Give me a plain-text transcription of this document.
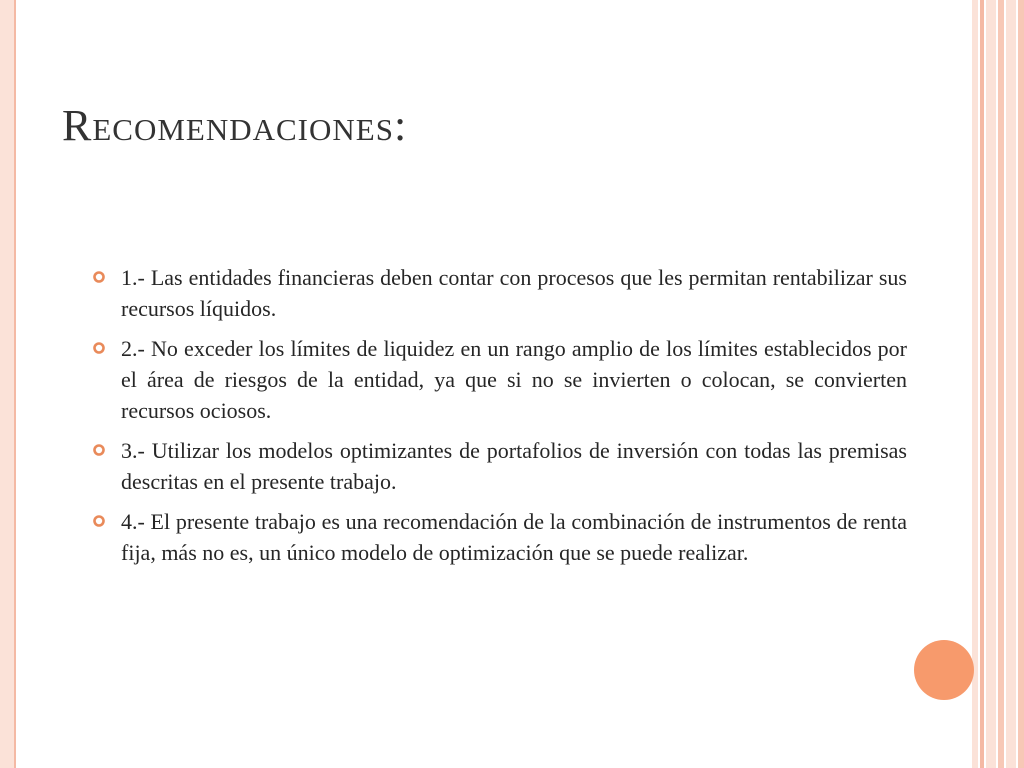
Recomendaciones:
1.- Las entidades financieras deben contar con procesos que les permitan rentabilizar sus recursos líquidos.
2.- No exceder los límites de liquidez en un rango amplio de los límites establecidos por el área de riesgos de la entidad, ya que si no se invierten o colocan, se convierten recursos ociosos.
3.- Utilizar los modelos optimizantes de portafolios de inversión con todas las premisas descritas en el presente trabajo.
4.- El presente trabajo es una recomendación de la combinación de instrumentos de renta fija, más no es, un único modelo de optimización que se puede realizar.
